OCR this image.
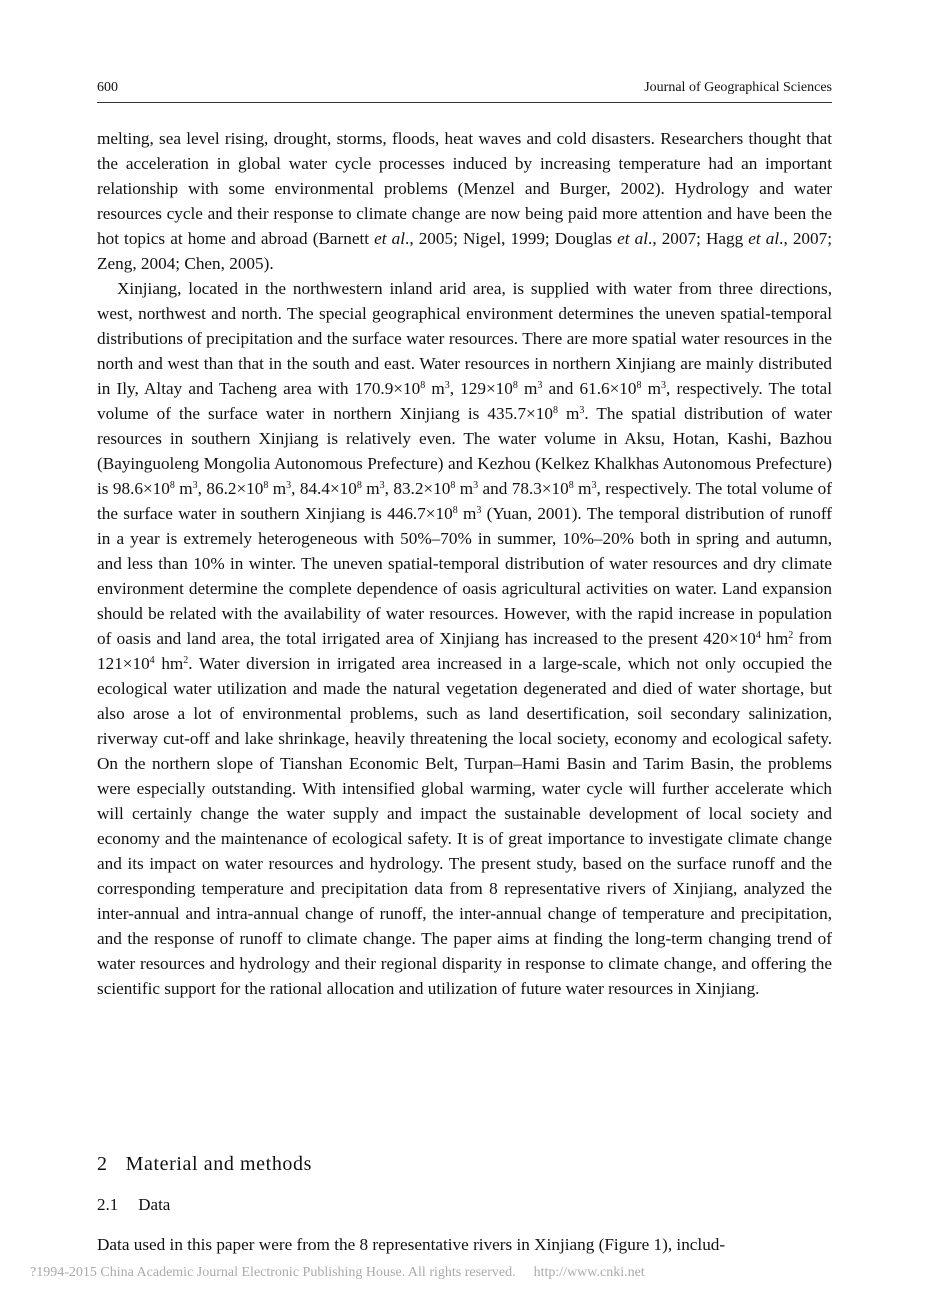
600	Journal of Geographical Sciences

melting, sea level rising, drought, storms, floods, heat waves and cold disasters. Researchers thought that the acceleration in global water cycle processes induced by increasing temperature had an important relationship with some environmental problems (Menzel and Burger, 2002). Hydrology and water resources cycle and their response to climate change are now being paid more attention and have been the hot topics at home and abroad (Barnett et al., 2005; Nigel, 1999; Douglas et al., 2007; Hagg et al., 2007; Zeng, 2004; Chen, 2005).

Xinjiang, located in the northwestern inland arid area, is supplied with water from three directions, west, northwest and north. The special geographical environment determines the uneven spatial-temporal distributions of precipitation and the surface water resources. There are more spatial water resources in the north and west than that in the south and east. Water resources in northern Xinjiang are mainly distributed in Ily, Altay and Tacheng area with $170.9\times 10^8$ $m^3$, $129\times 10^8$ $m^3$ and $61.6\times 10^8$ $m^3$, respectively. The total volume of the surface water in northern Xinjiang is $435.7\times 10^8$ $m^3$. The spatial distribution of water resources in southern Xinjiang is relatively even. The water volume in Aksu, Hotan, Kashi, Bazhou (Bayinguoleng Mongolia Autonomous Prefecture) and Kezhou (Kelkez Khalkhas Autonomous Prefecture) is $98.6\times 10^8$ $m^3$, $86.2\times 10^8$ $m^3$, $84.4\times 10^8$ $m^3$, $83.2\times 10^8$ $m^3$ and $78.3\times 10^8$ $m^3$, respectively. The total volume of the surface water in southern Xinjiang is $446.7\times 10^8$ $m^3$ (Yuan, 2001). The temporal distribution of runoff in a year is extremely heterogeneous with 50%–70% in summer, 10%–20% both in spring and autumn, and less than 10% in winter. The uneven spatial-temporal distribution of water resources and dry climate environment determine the complete dependence of oasis agricultural activities on water. Land expansion should be related with the availability of water resources. However, with the rapid increase in population of oasis and land area, the total irrigated area of Xinjiang has increased to the present $420\times 10^4$ $hm^2$ from $121\times 10^4$ $hm^2$. Water diversion in irrigated area increased in a large-scale, which not only occupied the ecological water utilization and made the natural vegetation degenerated and died of water shortage, but also arose a lot of environmental problems, such as land desertification, soil secondary salinization, riverway cut-off and lake shrinkage, heavily threatening the local society, economy and ecological safety. On the northern slope of Tianshan Economic Belt, Turpan–Hami Basin and Tarim Basin, the problems were especially outstanding. With intensified global warming, water cycle will further accelerate which will certainly change the water supply and impact the sustainable development of local society and economy and the maintenance of ecological safety. It is of great importance to investigate climate change and its impact on water resources and hydrology. The present study, based on the surface runoff and the corresponding temperature and precipitation data from 8 representative rivers of Xinjiang, analyzed the inter-annual and intra-annual change of runoff, the inter-annual change of temperature and precipitation, and the response of runoff to climate change. The paper aims at finding the long-term changing trend of water resources and hydrology and their regional disparity in response to climate change, and offering the scientific support for the rational allocation and utilization of future water resources in Xinjiang.

2 Material and methods
2.1 Data
Data used in this paper were from the 8 representative rivers in Xinjiang (Figure 1), includ-
?1994-2015 China Academic Journal Electronic Publishing House. All rights reserved. http://www.cnki.net
